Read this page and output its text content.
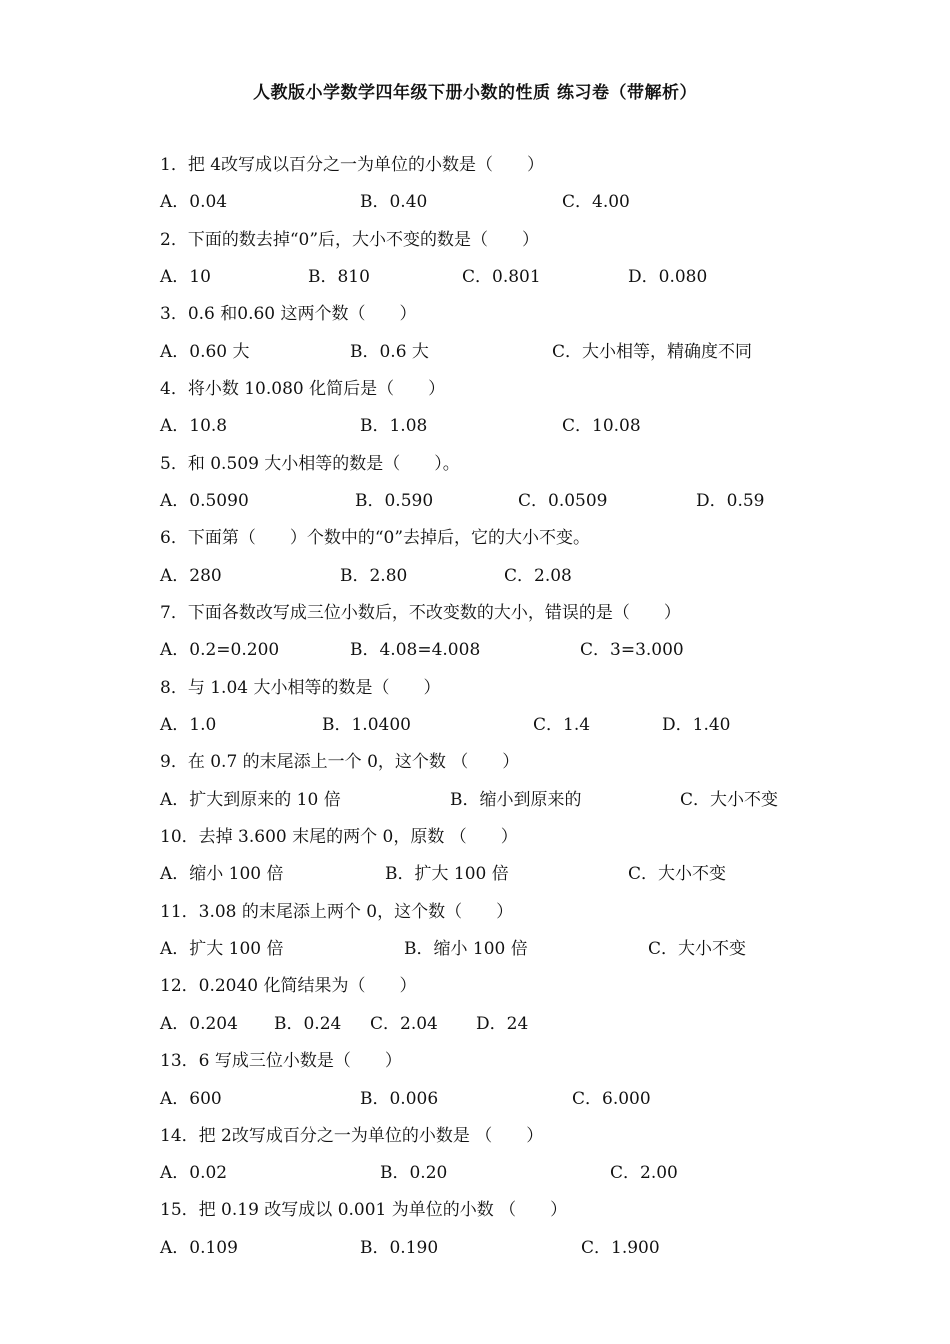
人教版小学数学四年级下册小数的性质 练习卷（带解析）
1．把 4改写成以百分之一为单位的小数是（　　）
A．0.04	B．0.40	C．4.00
2．下面的数去掉“0”后，大小不变的数是（　　）
A．10	B．810	C．0.801	D．0.080
3．0.6 和0.60 这两个数（　　）
A．0.60 大	B．0.6 大	C．大小相等，精确度不同
4．将小数 10.080 化简后是（　　）
A．10.8	B．1.08	C．10.08
5．和 0.509 大小相等的数是（　　）。
A．0.5090	B．0.590	C．0.0509	D．0.59
6．下面第（　　）个数中的“0”去掉后，它的大小不变。
A．280	B．2.80	C．2.08
7．下面各数改写成三位小数后，不改变数的大小，错误的是（　　）
A．0.2=0.200	B．4.08=4.008	C．3=3.000
8．与 1.04 大小相等的数是（　　）
A．1.0	B．1.0400	C．1.4	D．1.40
9．在 0.7 的末尾添上一个 0，这个数 （　　）
A．扩大到原来的 10 倍	B．缩小到原来的	C．大小不变
10．去掉 3.600 末尾的两个 0，原数 （　　）
A．缩小 100 倍	B．扩大 100 倍	C．大小不变
11．3.08 的末尾添上两个 0，这个数（　　）
A．扩大 100 倍	B．缩小 100 倍	C．大小不变
12．0.2040 化简结果为（　　）
A．0.204 B．0.24 C．2.04 D．24
13．6 写成三位小数是（　　）
A．600	B．0.006	C．6.000
14．把 2改写成百分之一为单位的小数是 （　　）
A．0.02	B．0.20	C．2.00
15．把 0.19 改写成以 0.001 为单位的小数 （　　）
A．0.109	B．0.190	C．1.900
